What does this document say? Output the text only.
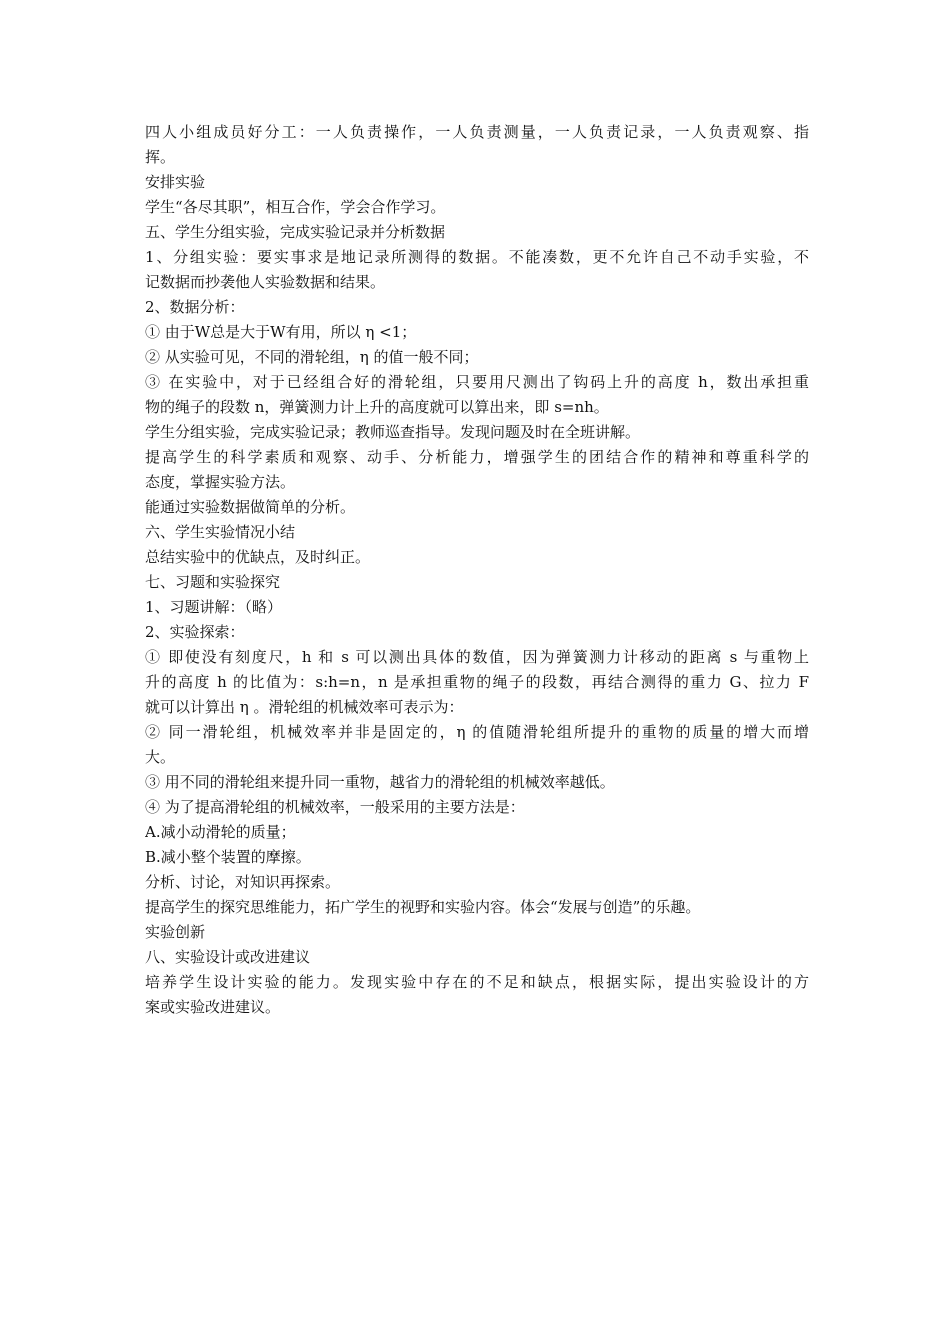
四人小组成员好分工：一人负责操作，一人负责测量，一人负责记录，一人负责观察、指
挥。
安排实验
学生“各尽其职”，相互合作，学会合作学习。
五、学生分组实验，完成实验记录并分析数据
1、分组实验：要实事求是地记录所测得的数据。不能凑数，更不允许自己不动手实验，不
记数据而抄袭他人实验数据和结果。
2、数据分析：
① 由于W总是大于W有用，所以 η <1；
② 从实验可见，不同的滑轮组，η 的值一般不同；
③ 在实验中，对于已经组合好的滑轮组，只要用尺测出了钩码上升的高度 h，数出承担重
物的绳子的段数 n，弹簧测力计上升的高度就可以算出来，即 s=nh。
学生分组实验，完成实验记录；教师巡查指导。发现问题及时在全班讲解。
提高学生的科学素质和观察、动手、分析能力，增强学生的团结合作的精神和尊重科学的
态度，掌握实验方法。
能通过实验数据做简单的分析。
六、学生实验情况小结
总结实验中的优缺点，及时纠正。
七、习题和实验探究
1、习题讲解：（略）
2、实验探索：
① 即使没有刻度尺，h 和 s 可以测出具体的数值，因为弹簧测力计移动的距离 s 与重物上
升的高度 h 的比值为：s:h=n，n 是承担重物的绳子的段数，再结合测得的重力 G、拉力 F
就可以计算出 η 。滑轮组的机械效率可表示为：
② 同一滑轮组，机械效率并非是固定的，η 的值随滑轮组所提升的重物的质量的增大而增
大。
③ 用不同的滑轮组来提升同一重物，越省力的滑轮组的机械效率越低。
④ 为了提高滑轮组的机械效率，一般采用的主要方法是：
A.减小动滑轮的质量；
B.减小整个装置的摩擦。
分析、讨论，对知识再探索。
提高学生的探究思维能力，拓广学生的视野和实验内容。体会“发展与创造”的乐趣。
实验创新
八、实验设计或改进建议
培养学生设计实验的能力。发现实验中存在的不足和缺点，根据实际，提出实验设计的方
案或实验改进建议。
